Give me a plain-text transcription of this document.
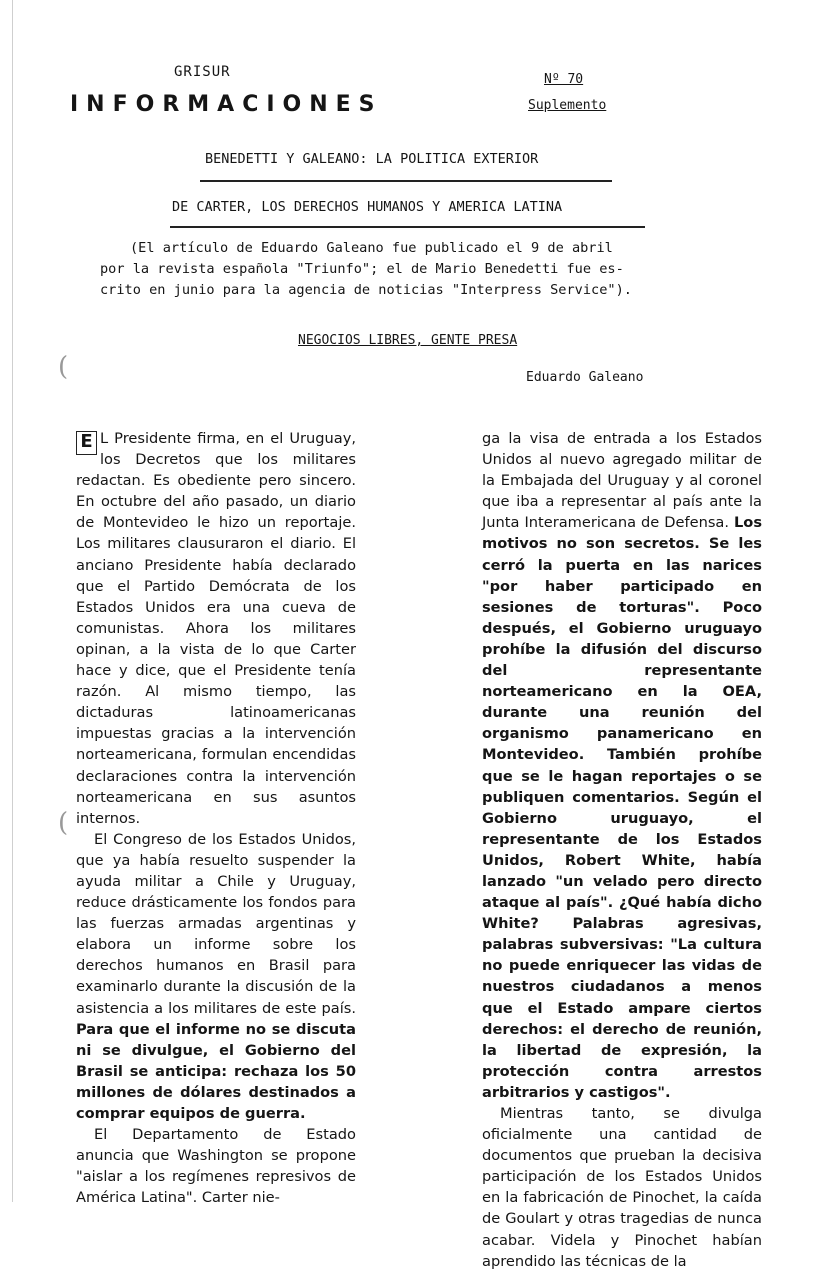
(
(
GRISUR	Nº 70
INFORMACIONES	Suplemento
BENEDETTI Y GALEANO: LA POLITICA EXTERIOR
DE CARTER, LOS DERECHOS HUMANOS Y AMERICA LATINA
(El artículo de Eduardo Galeano fue publicado el 9 de abril
por la revista española "Triunfo"; el de Mario Benedetti fue es-
crito en junio para la agencia de noticias "Interpress Service").
NEGOCIOS LIBRES, GENTE PRESA
Eduardo Galeano

E L Presidente firma, en el Uruguay, los Decretos que los militares redactan. Es obediente pero sincero. En octubre del año pasado, un diario de Montevideo le hizo un reportaje. Los militares clausuraron el diario. El anciano Presidente había declarado que el Partido Demócrata de los Estados Unidos era una cueva de comunistas. Ahora los militares opinan, a la vista de lo que Carter hace y dice, que el Presidente tenía razón. Al mismo tiempo, las dictaduras latinoamericanas impuestas gracias a la intervención norteamericana, formulan encendidas declaraciones contra la intervención norteamericana en sus asuntos internos.

El Congreso de los Estados Unidos, que ya había resuelto suspender la ayuda militar a Chile y Uruguay, reduce drásticamente los fondos para las fuerzas armadas argentinas y elabora un informe sobre los derechos humanos en Brasil para examinarlo durante la discusión de la asistencia a los militares de este país. Para que el informe no se discuta ni se divulgue, el Gobierno del Brasil se anticipa: rechaza los 50 millones de dólares destinados a comprar equipos de guerra.

El Departamento de Estado anuncia que Washington se propone "aislar a los regímenes represivos de América Latina". Carter nie-

ga la visa de entrada a los Estados Unidos al nuevo agregado militar de la Embajada del Uruguay y al coronel que iba a representar al país ante la Junta Interamericana de Defensa. Los motivos no son secretos. Se les cerró la puerta en las narices "por haber participado en sesiones de torturas". Poco después, el Gobierno uruguayo prohíbe la difusión del discurso del representante norteamericano en la OEA, durante una reunión del organismo panamericano en Montevideo. También prohíbe que se le hagan reportajes o se publiquen comentarios. Según el Gobierno uruguayo, el representante de los Estados Unidos, Robert White, había lanzado "un velado pero directo ataque al país". ¿Qué había dicho White? Palabras agresivas, palabras subversivas: "La cultura no puede enriquecer las vidas de nuestros ciudadanos a menos que el Estado ampare ciertos derechos: el derecho de reunión, la libertad de expresión, la protección contra arrestos arbitrarios y castigos".

Mientras tanto, se divulga oficialmente una cantidad de documentos que prueban la decisiva participación de los Estados Unidos en la fabricación de Pinochet, la caída de Goulart y otras tragedias de nunca acabar. Videla y Pinochet habían aprendido las técnicas de la
